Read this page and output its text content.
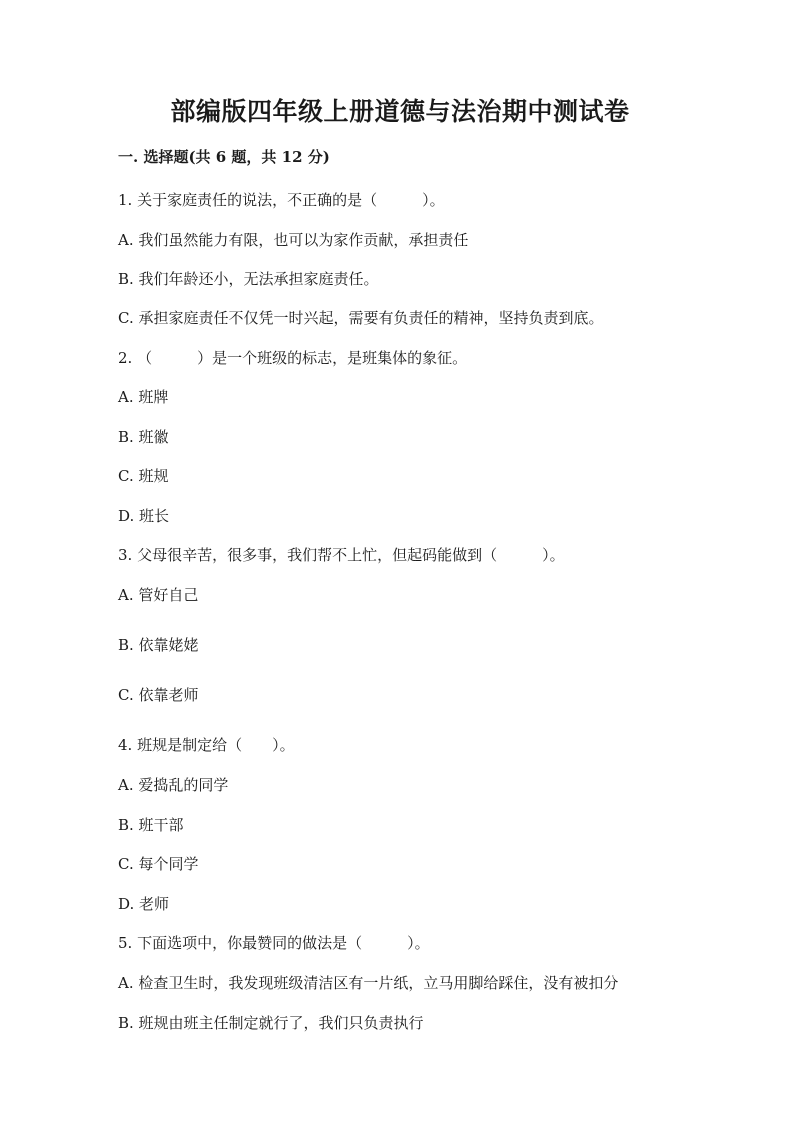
部编版四年级上册道德与法治期中测试卷
一. 选择题(共 6 题，共 12 分)
1. 关于家庭责任的说法，不正确的是（　　　）。
A. 我们虽然能力有限，也可以为家作贡献，承担责任
B. 我们年龄还小，无法承担家庭责任。
C. 承担家庭责任不仅凭一时兴起，需要有负责任的精神，坚持负责到底。
2. （　　　）是一个班级的标志，是班集体的象征。
A. 班牌
B. 班徽
C. 班规
D. 班长
3. 父母很辛苦，很多事，我们帮不上忙，但起码能做到（　　　）。
A. 管好自己
B. 依靠姥姥
C. 依靠老师
4. 班规是制定给（　　）。
A. 爱捣乱的同学
B. 班干部
C. 每个同学
D. 老师
5. 下面选项中，你最赞同的做法是（　　　）。
A. 检查卫生时，我发现班级清洁区有一片纸，立马用脚给踩住，没有被扣分
B. 班规由班主任制定就行了，我们只负责执行
